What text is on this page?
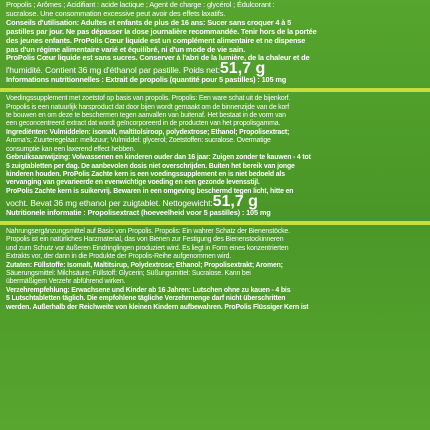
Propolis ; Arômes ; Acidifiant : acide lactique ; Agent de charge : glycérol ; Édulcorant :
sucralose. Une consommation excessive peut avoir des effets laxatifs.
Conseils d'utilisation: Adultes et enfants de plus de 16 ans: Sucer sans croquer 4 à 5
pastilles par jour. Ne pas dépasser la dose journalière recommandée. Tenir hors de la portée
des jeunes enfants. ProPolis Cœur liquide est un complément alimentaire et ne dispense
pas d'un régime alimentaire varié et équilibré, ni d'un mode de vie sain.
ProPolis Cœur liquide est sans sucres. Conserver à l'abri de la lumière, de la chaleur et de
l'humidité. Contient 36 mg d'éthanol par pastille. Poids net: 51,7 g
Informations nutritionnelles : Extrait de propolis (quantité pour 5 pastilles) : 105 mg
Voedingssupplement met zoetstof op basis van propolis. Propolis: Een ware schat uit de bijenkorf.
Propolis is een natuurlijk harsproduct dat door bijen wordt gemaakt om de binnenzijde van de korf
te bouwen en om deze te beschermen tegen aanvallen van buitenaf. Het bestaat in de vorm van
een geconcentreerd extract dat wordt geïncorporeerd in de producten van het propolisgamma.
Ingrediënten: Vulmiddelen: isomalt, maltitolsiroop, polydextrose; Ethanol; Propolisextract;
Aroma's; Zuurteregelaar: melkzuur; Vulmiddel: glycerol; Zoetstoffen: sucralose. Overmatige
consumptie kan een laxerend effect hebben.
Gebruiksaanwijzing: Volwassenen en kinderen ouder dan 16 jaar: Zuigen zonder te kauwen - 4 tot
5 zuigtabletten per dag. De aanbevolen dosis niet overschrijden. Buiten het bereik van jonge
kinderen houden. ProPolis Zachte kern is een voedingssupplement en is niet bedoeld als
vervanging van gevarieerde en evenwichtige voeding en een gezonde levensstijl.
ProPolis Zachte kern is suikervrij. Bewaren in een omgeving beschermd tegen licht, hitte en
vocht. Bevat 36 mg ethanol per zuigtablet. Nettogewicht: 51,7 g
Nutritionele informatie : Propolisextract (hoeveelheid voor 5 pastilles) : 105 mg
Nahrungsergänzungsmittel auf Basis von Propolis. Propolis: Ein wahrer Schatz der Bienenstöcke.
Propolis ist ein natürliches Harzmaterial, das von Bienen zur Festigung des Bienenstockinneren
und zum Schutz vor äußeren Eindringlingen produziert wird. Es liegt in Form eines konzentrierten
Extrakts vor, der dann in die Produkte der Propolis-Reihe aufgenommen wird.
Zutaten: Füllstoffe: Isomalt, Maltitsirup, Polydextrose; Ethanol; Propolisextrakt; Aromen;
Säuerungsmittel: Milchsäure; Füllstoff: Glycerin; Süßungsmittel: Sucralose. Kann bei
übermäßigem Verzehr abführend wirken.
Verzehrempfehlung: Erwachsene und Kinder ab 16 Jahren: Lutschen ohne zu kauen - 4 bis
5 Lutschtabletten täglich. Die empfohlene tägliche Verzehrmenge darf nicht überschritten
werden. Außerhalb der Reichweite von kleinen Kindern aufbewahren. ProPolis Flüssiger Kern ist
